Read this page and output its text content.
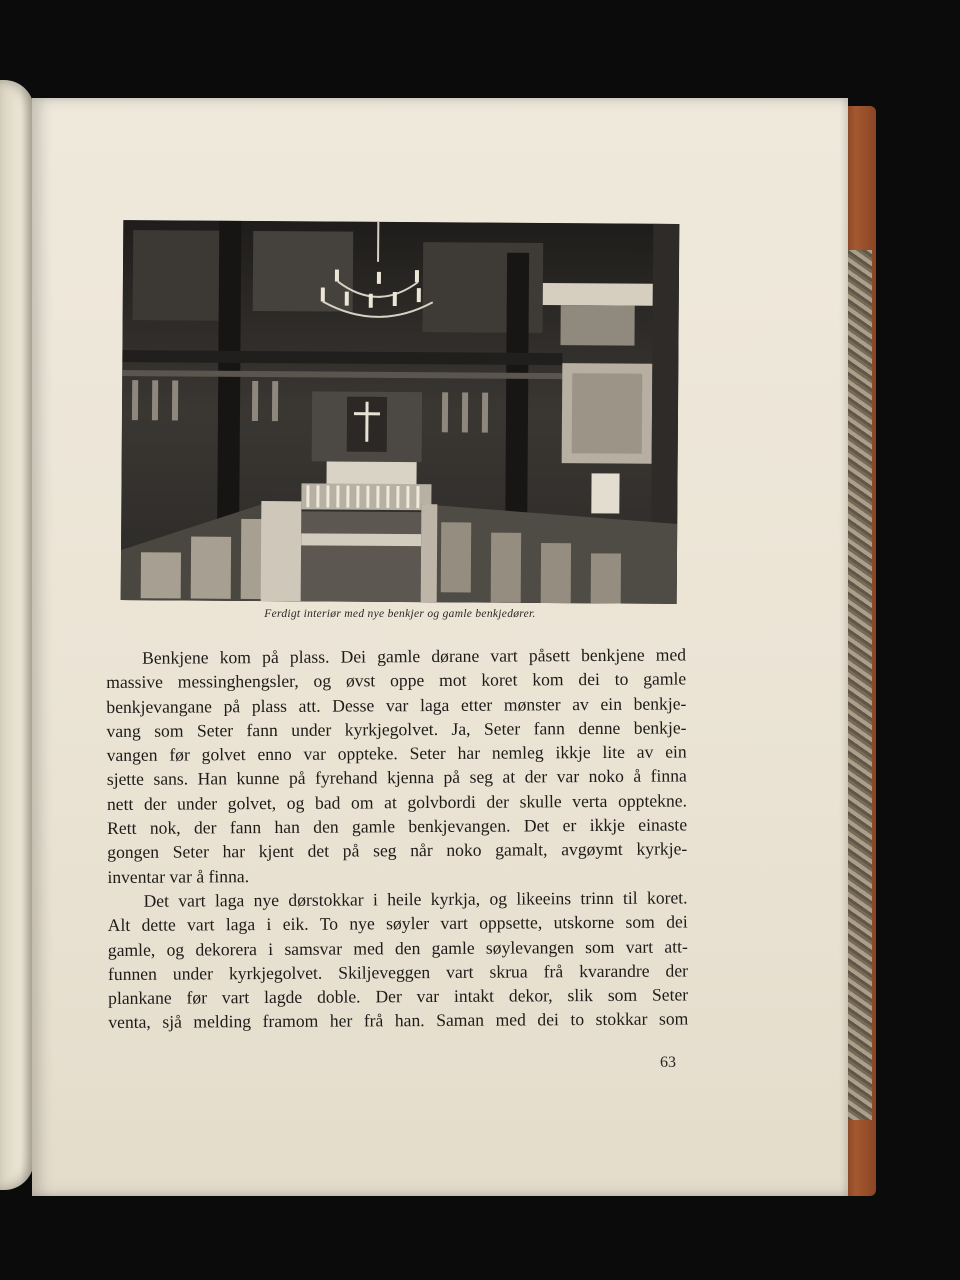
Ferdigt interiør med nye benkjer og gamle benkjedører.

Benkjene kom på plass. Dei gamle dørane vart påsett benkjene med
massive messinghengsler, og øvst oppe mot koret kom dei to gamle
benkjevangane på plass att. Desse var laga etter mønster av ein benkje-
vang som Seter fann under kyrkjegolvet. Ja, Seter fann denne benkje-
vangen før golvet enno var oppteke. Seter har nemleg ikkje lite av ein
sjette sans. Han kunne på fyrehand kjenna på seg at der var noko å finna
nett der under golvet, og bad om at golvbordi der skulle verta opptekne.
Rett nok, der fann han den gamle benkjevangen. Det er ikkje einaste
gongen Seter har kjent det på seg når noko gamalt, avgøymt kyrkje-
inventar var å finna.

Det vart laga nye dørstokkar i heile kyrkja, og likeeins trinn til koret.
Alt dette vart laga i eik. To nye søyler vart oppsette, utskorne som dei
gamle, og dekorera i samsvar med den gamle søylevangen som vart att-
funnen under kyrkjegolvet. Skiljeveggen vart skrua frå kvarandre der
plankane før vart lagde doble. Der var intakt dekor, slik som Seter
venta, sjå melding framom her frå han. Saman med dei to stokkar som

63
